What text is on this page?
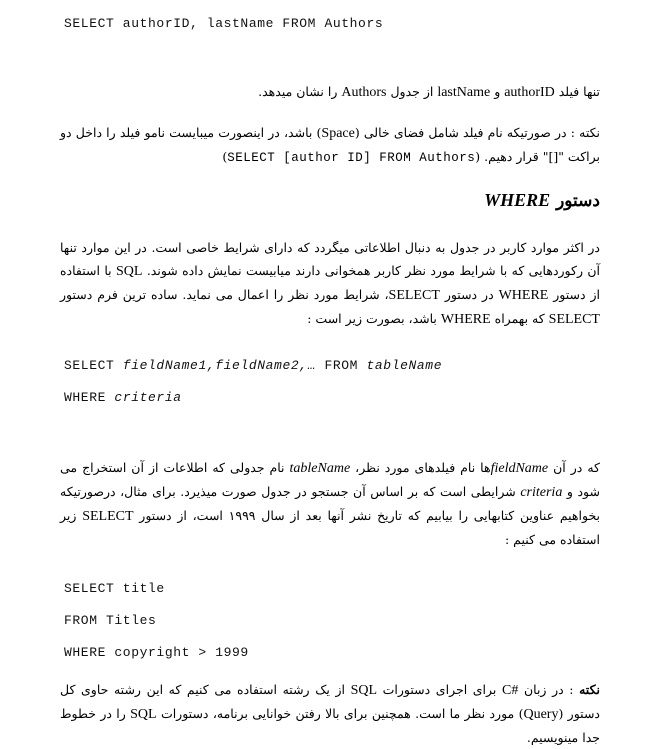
SELECT authorID, lastName FROM Authors
تنها فیلد authorID و lastName از جدول Authors را نشان میدهد.
نکته : در صورتیکه نام فیلد شامل فضای خالی (Space) باشد، در اینصورت میبایست نامو فیلد را داخل دو براکت "[]" قرار دهیم. (SELECT [author ID] FROM Authors)
دستور WHERE
در اکثر موارد کاربر در جدول به دنبال اطلاعاتی میگردد که دارای شرایط خاصی است. در این موارد تنها آن رکوردهایی که با شرایط مورد نظر کاربر همخوانی دارند میابیست نمایش داده شوند. SQL با استفاده از دستور WHERE در دستور SELECT، شرایط مورد نظر را اعمال می نماید. ساده ترین فرم دستور SELECT که بهمراه WHERE باشد، بصورت زیر است :
SELECT fieldName1,fieldName2,… FROM tableName
WHERE criteria
که در آن fieldNameها نام فیلدهای مورد نظر، tableName نام جدولی که اطلاعات از آن استخراج می شود و criteria شرایطی است که بر اساس آن جستجو در جدول صورت میذیرد. برای مثال، درصورتیکه بخواهیم عناوین کتابهایی را بیابیم که تاریخ نشر آنها بعد از سال ۱۹۹۹ است، از دستور SELECT زیر استفاده می کنیم :
SELECT title
FROM Titles
WHERE copyright > 1999
نکته : در زبان C# برای اجرای دستورات SQL از یک رشته استفاده می کنیم که این رشته حاوی کل دستور (Query) مورد نظر ما است. همچنین برای بالا رفتن خوانایی برنامه، دستورات SQL را در خطوط جدا مینویسیم.
